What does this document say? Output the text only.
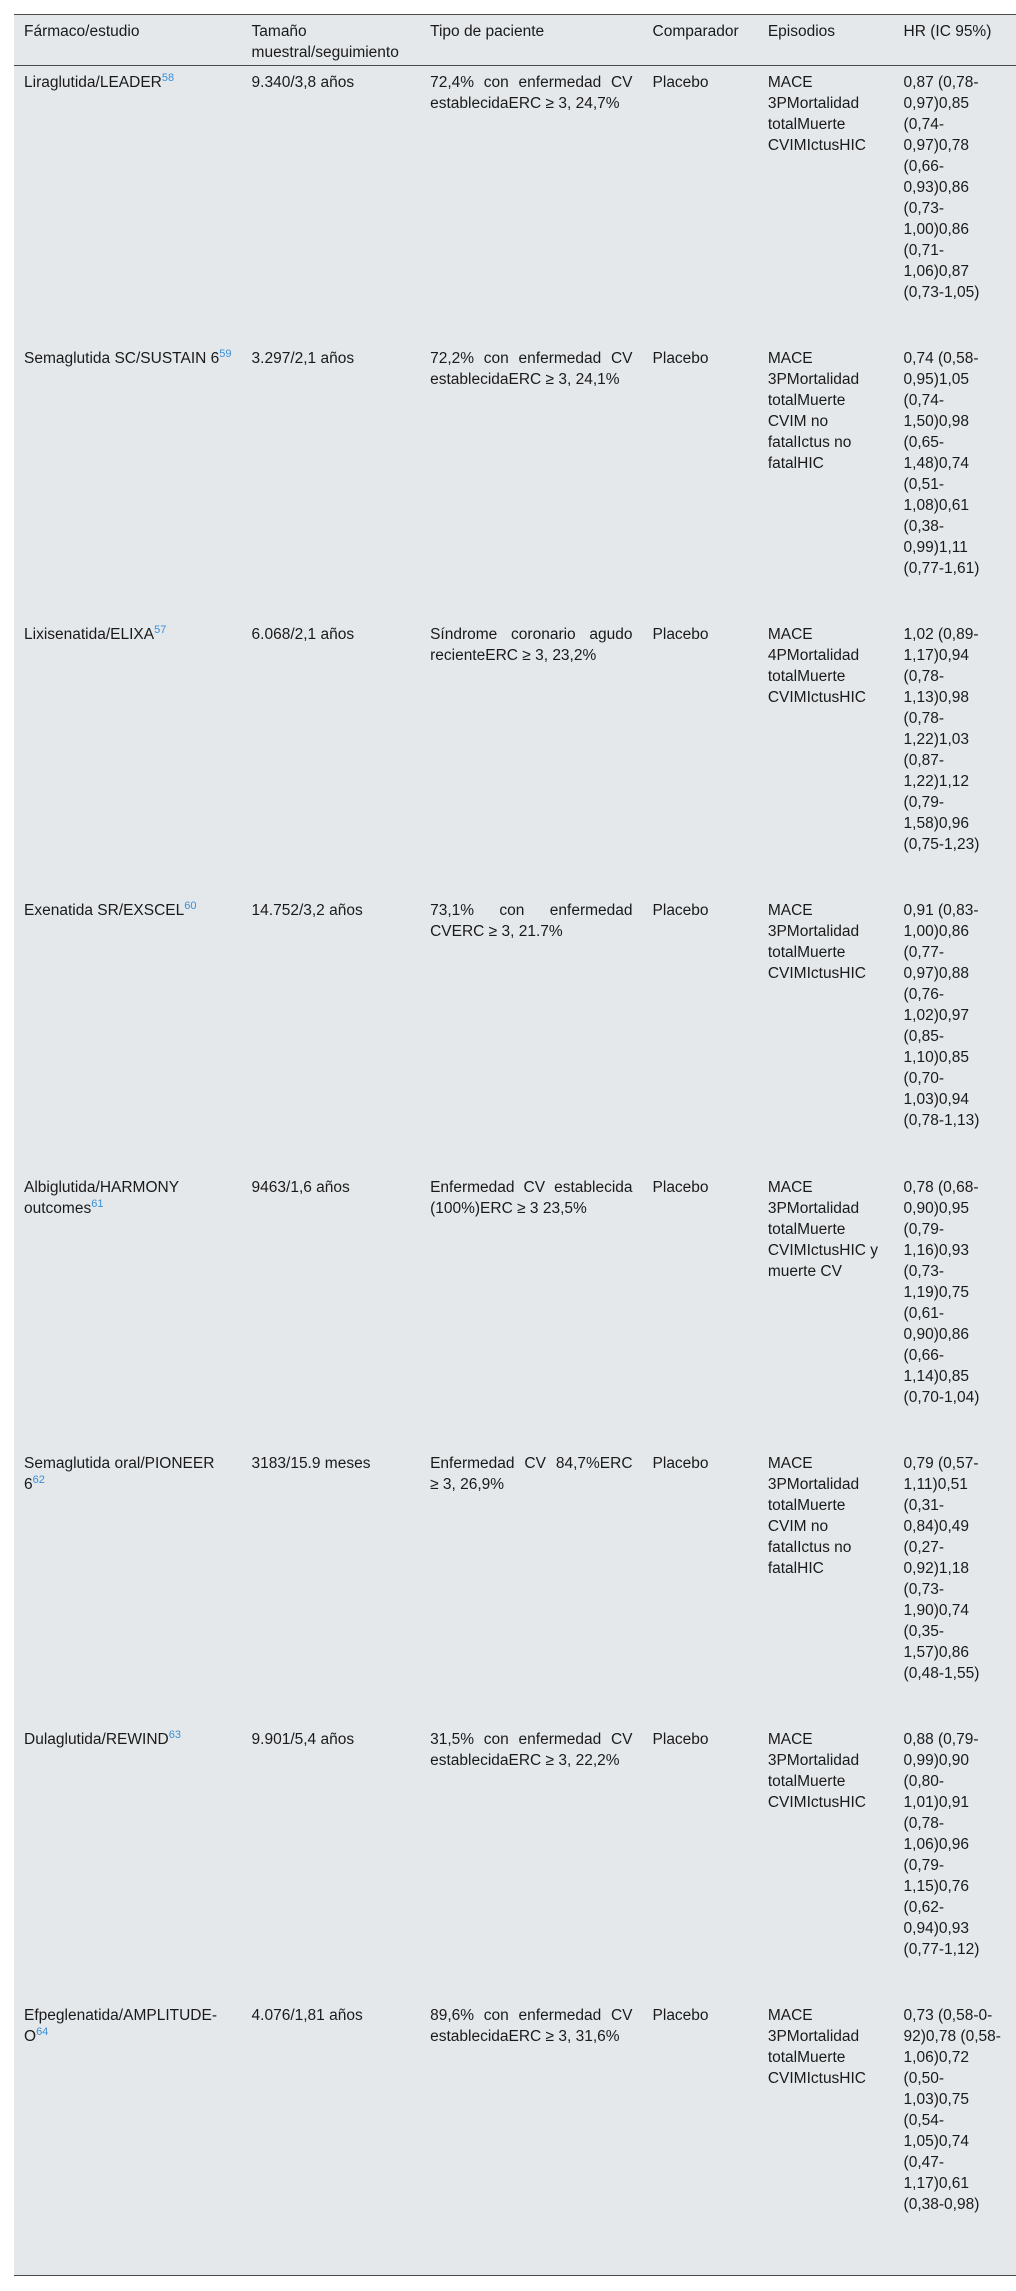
Fármaco/estudio	Tamaño muestral/seguimiento	Tipo de paciente	Comparador	Episodios	HR (IC 95%)
Liraglutida/LEADER$^{58}$	9.340/3,8 años	72,4% con enfermedad CV establecidaERC ≥ 3, 24,7%	Placebo	MACE 3PMortalidad totalMuerte CVIMIctusHIC	0,87 (0,78-0,97)0,85 (0,74-0,97)0,78 (0,66-0,93)0,86 (0,73-1,00)0,86 (0,71-1,06)0,87 (0,73-1,05)
Semaglutida SC/SUSTAIN $6^{59}$	3.297/2,1 años	72,2% con enfermedad CV establecidaERC ≥ 3, 24,1%	Placebo	MACE 3PMortalidad totalMuerte CVIM no fatalIctus no fatalHIC	0,74 (0,58-0,95)1,05 (0,74-1,50)0,98 (0,65-1,48)0,74 (0,51-1,08)0,61 (0,38-0,99)1,11 (0,77-1,61)
Lixisenatida/ELIXA$^{57}$	6.068/2,1 años	Síndrome coronario agudo recienteERC ≥ 3, 23,2%	Placebo	MACE 4PMortalidad totalMuerte CVIMIctusHIC	1,02 (0,89-1,17)0,94 (0,78-1,13)0,98 (0,78-1,22)1,03 (0,87-1,22)1,12 (0,79-1,58)0,96 (0,75-1,23)
Exenatida SR/EXSCEL$^{60}$	14.752/3,2 años	73,1% con enfermedad CVERC ≥ 3, 21.7%	Placebo	MACE 3PMortalidad totalMuerte CVIMIctusHIC	0,91 (0,83-1,00)0,86 (0,77-0,97)0,88 (0,76-1,02)0,97 (0,85-1,10)0,85 (0,70-1,03)0,94 (0,78-1,13)
Albiglutida/HARMONY outcomes$^{61}$	9463/1,6 años	Enfermedad CV establecida (100%)ERC ≥ 3 23,5%	Placebo	MACE 3PMortalidad totalMuerte CVIMIctusHIC y muerte CV	0,78 (0,68-0,90)0,95 (0,79-1,16)0,93 (0,73-1,19)0,75 (0,61-0,90)0,86 (0,66-1,14)0,85 (0,70-1,04)
Semaglutida oral/PIONEER $6^{62}$	3183/15.9 meses	Enfermedad CV 84,7%ERC ≥ 3, 26,9%	Placebo	MACE 3PMortalidad totalMuerte CVIM no fatalIctus no fatalHIC	0,79 (0,57-1,11)0,51 (0,31-0,84)0,49 (0,27-0,92)1,18 (0,73-1,90)0,74 (0,35-1,57)0,86 (0,48-1,55)
Dulaglutida/REWIND$^{63}$	9.901/5,4 años	31,5% con enfermedad CV establecidaERC ≥ 3, 22,2%	Placebo	MACE 3PMortalidad totalMuerte CVIMIctusHIC	0,88 (0,79-0,99)0,90 (0,80-1,01)0,91 (0,78-1,06)0,96 (0,79-1,15)0,76 (0,62-0,94)0,93 (0,77-1,12)
Efpeglenatida/$AMPLITUDE-O^{64}$	4.076/1,81 años	89,6% con enfermedad CV establecidaERC ≥ 3, 31,6%	Placebo	MACE 3PMortalidad totalMuerte CVIMIctusHIC	0,73 (0,58-0-92)0,78 (0,58-1,06)0,72 (0,50-1,03)0,75 (0,54-1,05)0,74 (0,47-1,17)0,61 (0,38-0,98)
